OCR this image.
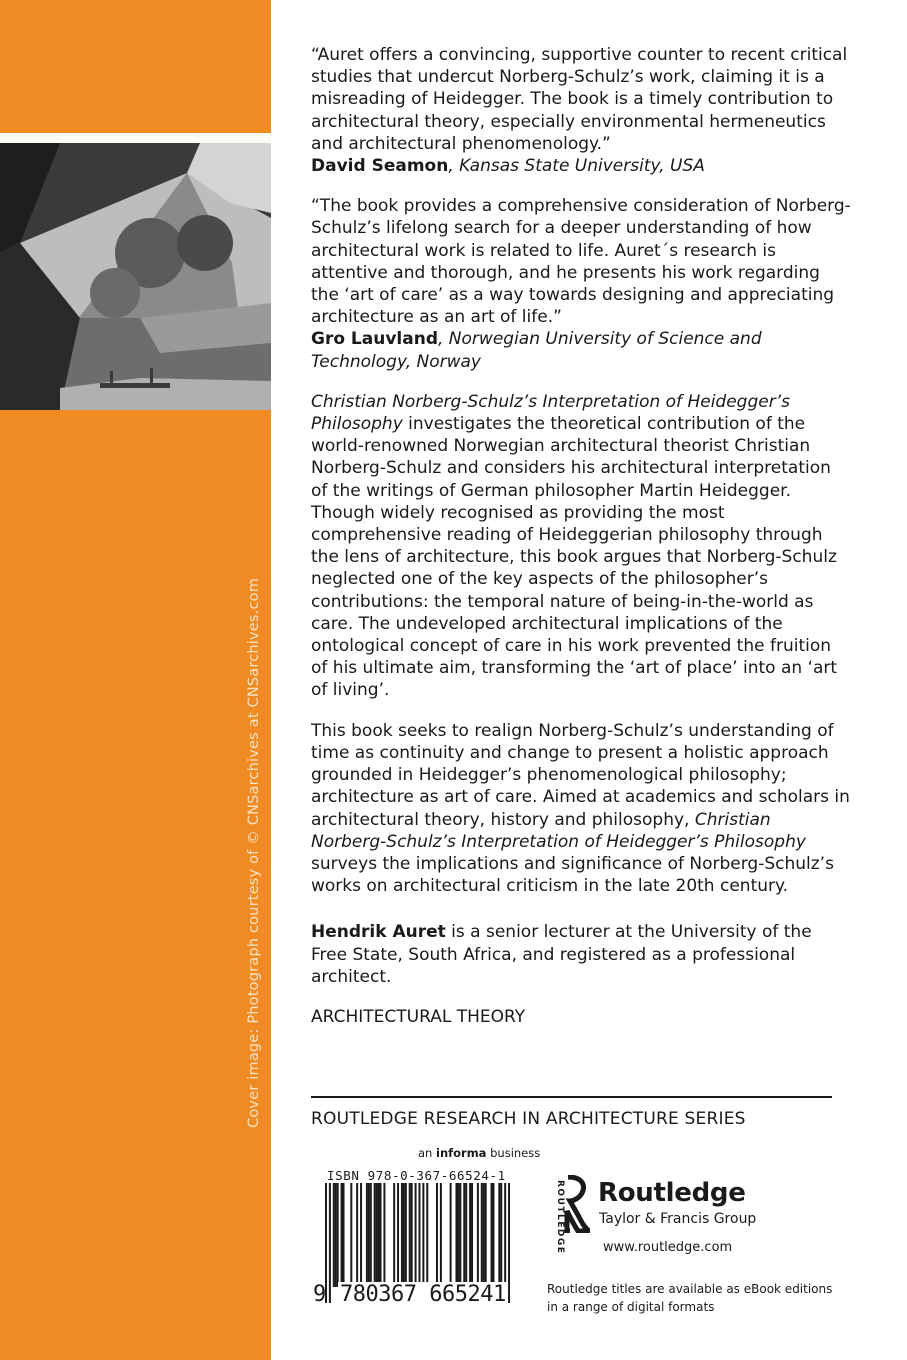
Cover image: Photograph courtesy of © CNSarchives at CNSarchives.com

“Auret offers a convincing, supportive counter to recent critical studies that undercut Norberg-Schulz’s work, claiming it is a misreading of Heidegger. The book is a timely contribution to architectural theory, especially environmental hermeneutics and architectural phenomenology.”

David Seamon, Kansas State University, USA

“The book provides a comprehensive consideration of Norberg-Schulz’s lifelong search for a deeper understanding of how architectural work is related to life. Auret´s research is attentive and thorough, and he presents his work regarding the ‘art of care’ as a way towards designing and appreciating architecture as an art of life.”

Gro Lauvland, Norwegian University of Science and Technology, Norway

Christian Norberg-Schulz’s Interpretation of Heidegger’s Philosophy investigates the theoretical contribution of the world-renowned Norwegian architectural theorist Christian Norberg-Schulz and considers his architectural interpretation of the writings of German philosopher Martin Heidegger. Though widely recognised as providing the most comprehensive reading of Heideggerian philosophy through the lens of architecture, this book argues that Norberg-Schulz neglected one of the key aspects of the philosopher’s contributions: the temporal nature of being-in-the-world as care. The undeveloped architectural implications of the ontological concept of care in his work prevented the fruition of his ultimate aim, transforming the ‘art of place’ into an ‘art of living’.

This book seeks to realign Norberg-Schulz’s understanding of time as continuity and change to present a holistic approach grounded in Heidegger’s phenomenological philosophy; architecture as art of care. Aimed at academics and scholars in architectural theory, history and philosophy, Christian Norberg-Schulz’s Interpretation of Heidegger’s Philosophy surveys the implications and significance of Norberg-Schulz’s works on architectural criticism in the late 20th century.

Hendrik Auret is a senior lecturer at the University of the Free State, South Africa, and registered as a professional architect.

ARCHITECTURAL THEORY

ROUTLEDGE RESEARCH IN ARCHITECTURE SERIES
an informa business
ISBN 978-0-367-66524-1
9 780367 665241
ROUTLEDGE Routledge
Taylor & Francis Group
www.routledge.com
Routledge titles are available as eBook editions in a range of digital formats
